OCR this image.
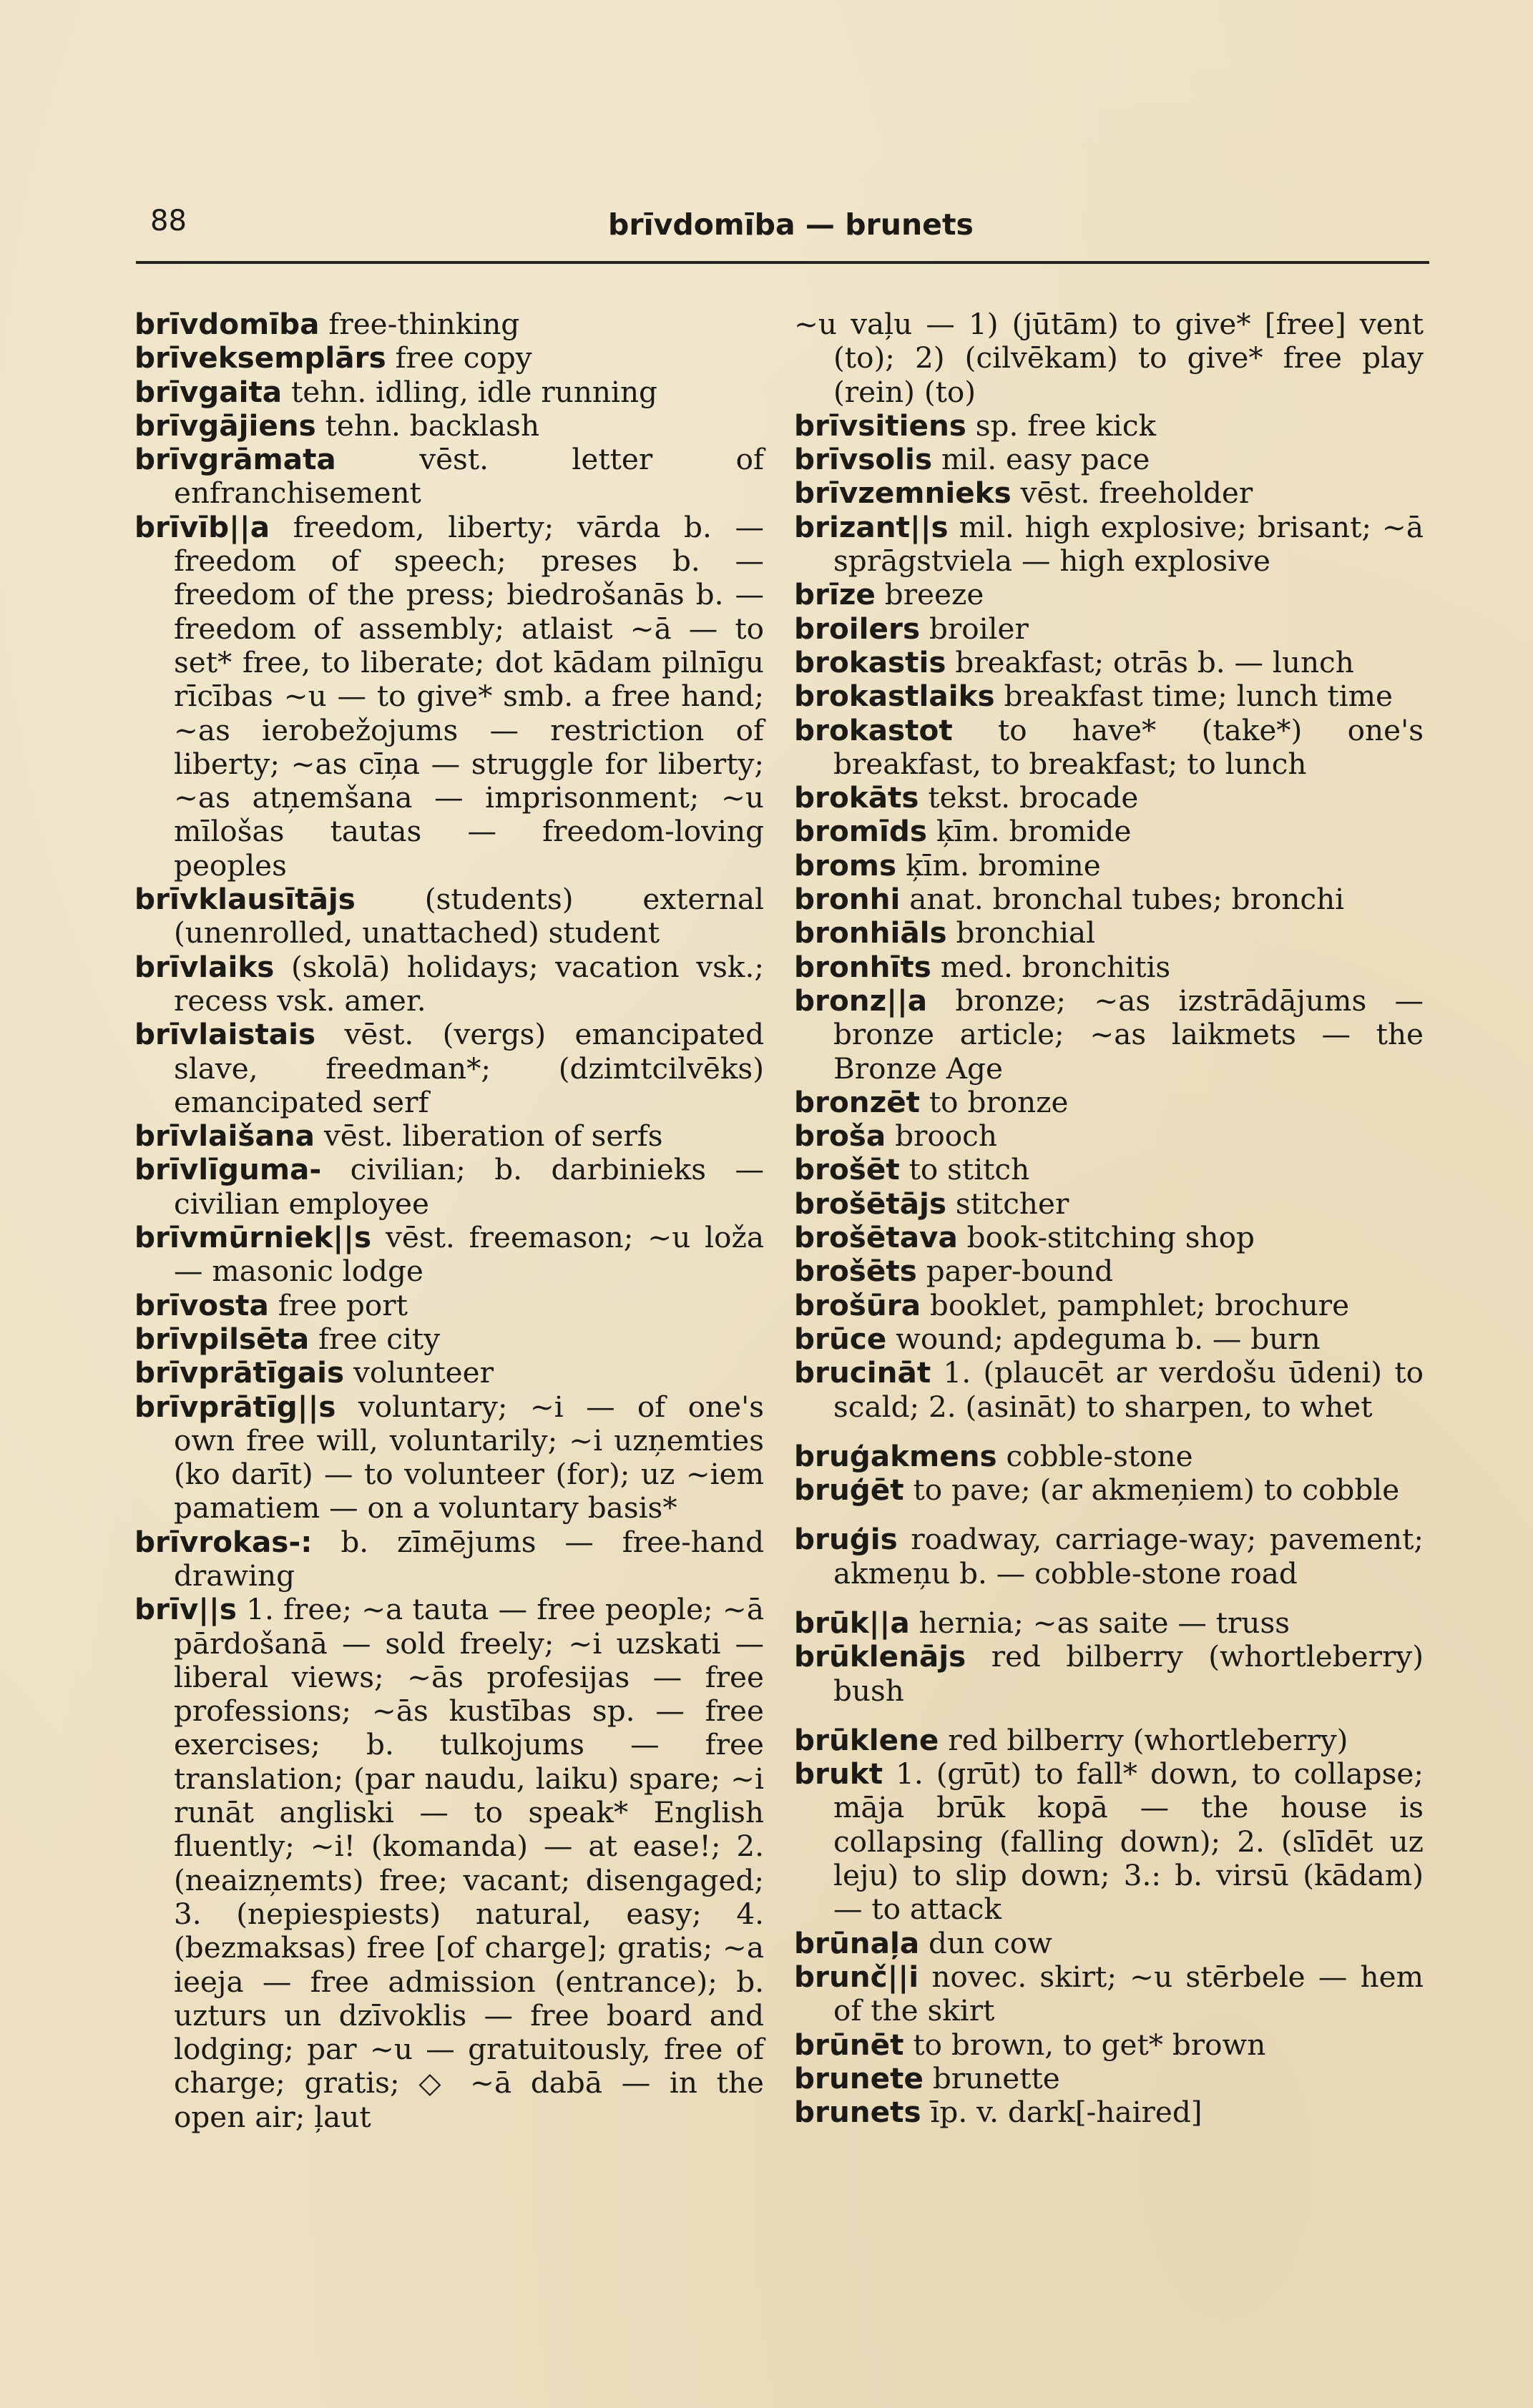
88	brīvdomība — brunets
brīvdomība free-thinking
brīveksemplārs free copy
brīvgaita tehn. idling, idle running
brīvgājiens tehn. backlash
brīvgrāmata	vēst. letter of enfranchisement
brīvīb||a freedom, liberty; vārda b. — freedom of speech; preses b. — freedom of the press; biedrošanās b. — freedom of assembly; atlaist ~ā — to set* free, to liberate; dot kādam pilnīgu rīcības ~u — to give* smb. a free hand; ~as ierobežojums — restriction of liberty; ~as cīņa — struggle for liberty; ~as atņemšana — imprisonment; ~u mīlošas tautas — freedom-loving peoples
brīvklausītājs (students) external (unenrolled, unattached) student
brīvlaiks (skolā) holidays; vacation vsk.; recess vsk. amer.
brīvlaistais vēst. (vergs) emancipated slave, freedman*; (dzimtcilvēks) emancipated serf
brīvlaišana vēst. liberation of serfs
brīvlīguma- civilian; b. darbinieks — civilian employee
brīvmūrniek||s vēst. freemason; ~u loža — masonic lodge
brīvosta free port
brīvpilsēta free city
brīvprātīgais volunteer
brīvprātīg||s voluntary; ~i — of one's own free will, voluntarily; ~i uzņemties (ko darīt) — to volunteer (for); uz ~iem pamatiem — on a voluntary basis*
brīvrokas-: b. zīmējums — free-hand drawing
brīv||s 1. free; ~a tauta — free people; ~ā pārdošanā — sold freely; ~i uzskati — liberal views; ~ās profesijas — free professions; ~ās kustības sp. — free exercises; b. tulkojums — free translation; (par naudu, laiku) spare; ~i runāt angliski — to speak* English fluently; ~i! (komanda) — at ease!; 2. (neaizņemts) free; vacant; disengaged; 3. (nepiespiests) natural, easy; 4. (bezmaksas) free [of charge]; gratis; ~a ieeja — free admission (entrance); b. uzturs un dzīvoklis — free board and lodging; par ~u — gratuitously, free of charge; gratis; ◇ ~ā dabā — in the open air; ļaut
~u vaļu — 1) (jūtām) to give* [free] vent (to); 2) (cilvēkam) to give* free play (rein) (to)
brīvsitiens sp. free kick
brīvsolis mil. easy pace
brīvzemnieks vēst. freeholder
brizant||s mil. high explosive; brisant; ~ā sprāgstviela — high explosive
brīze breeze
broilers broiler
brokastis breakfast; otrās b. — lunch
brokastlaiks breakfast time; lunch time
brokastot to have* (take*) one's breakfast, to breakfast; to lunch
brokāts tekst. brocade
bromīds ķīm. bromide
broms ķīm. bromine
bronhi anat. bronchal tubes; bronchi
bronhiāls bronchial
bronhīts med. bronchitis
bronz||a bronze; ~as izstrādājums — bronze article; ~as laikmets — the Bronze Age
bronzēt to bronze
broša brooch
brošēt to stitch
brošētājs stitcher
brošētava book-stitching shop
brošēts paper-bound
brošūra booklet, pamphlet; brochure
brūce wound; apdeguma b. — burn
brucināt 1. (plaucēt ar verdošu ūdeni) to scald; 2. (asināt) to sharpen, to whet
bruģakmens cobble-stone
bruģēt to pave; (ar akmeņiem) to cobble
bruģis roadway, carriage-way; pavement; akmeņu b. — cobble-stone road
brūk||a hernia; ~as saite — truss
brūklenājs red bilberry (whortleberry) bush
brūklene red bilberry (whortleberry)
brukt 1. (grūt) to fall* down, to collapse; māja brūk kopā — the house is collapsing (falling down); 2. (slīdēt uz leju) to slip down; 3.: b. virsū (kādam) — to attack
brūnaļa dun cow
brunč||i novec. skirt; ~u stērbele — hem of the skirt
brūnēt to brown, to get* brown
brunete brunette
brunets īp. v. dark[-haired]
